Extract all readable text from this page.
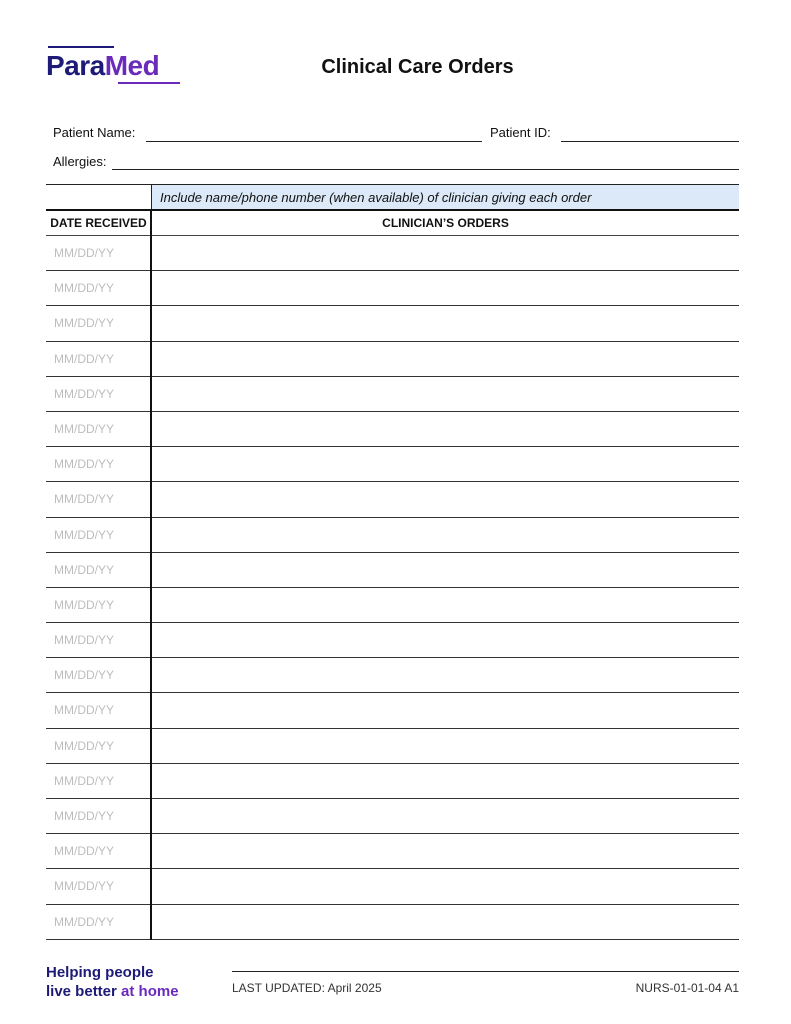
ParaMed	Clinical Care Orders
Patient Name:	Patient ID:
Allergies:
Include name/phone number (when available) of clinician giving each order
DATE RECEIVED	CLINICIAN’S ORDERS
MM/DD/YY
MM/DD/YY
MM/DD/YY
MM/DD/YY
MM/DD/YY
MM/DD/YY
MM/DD/YY
MM/DD/YY
MM/DD/YY
MM/DD/YY
MM/DD/YY
MM/DD/YY
MM/DD/YY
MM/DD/YY
MM/DD/YY
MM/DD/YY
MM/DD/YY
MM/DD/YY
MM/DD/YY
MM/DD/YY
Helping people
live better at home	LAST UPDATED: April 2025	NURS-01-01-04 A1
